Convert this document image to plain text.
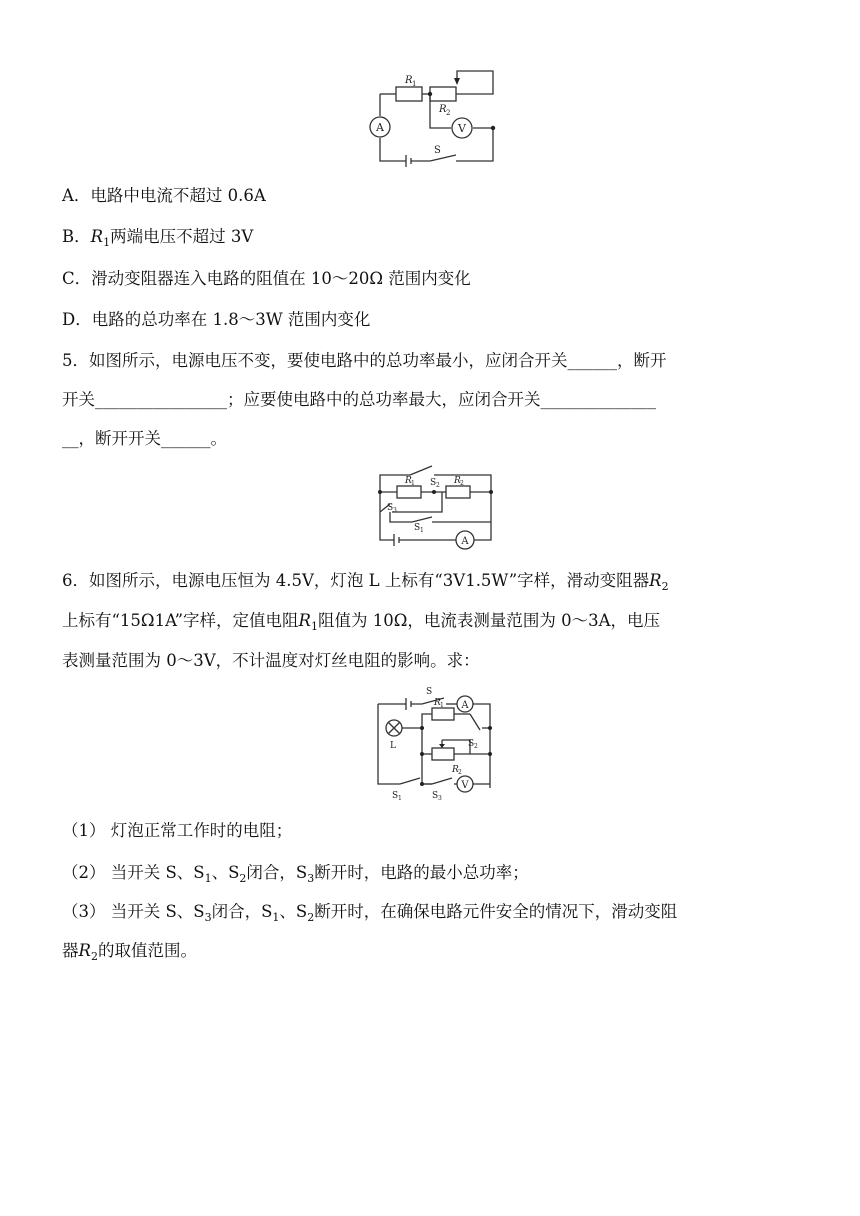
A	V
R 1
R 2
S
A．电路中电流不超过 0.6A
B．$R_1$两端电压不超过 3V
C．滑动变阻器连入电路的阻值在 10～20Ω 范围内变化
D．电路的总功率在 1.8～3W 范围内变化
5．如图所示，电源电压不变，要使电路中的总功率最小，应闭合开关______，断开
开关________________；应要使电路中的总功率最大，应闭合开关______________
__，断开开关______。
A
R 1	R 2
S 2
S 3
S 1
6．如图所示，电源电压恒为 4.5V，灯泡 L 上标有“3V1.5W”字样，滑动变阻器$R_2$
上标有“15Ω1A”字样，定值电阻$R_1$阻值为 10Ω，电流表测量范围为 0～3A，电压
表测量范围为 0～3V，不计温度对灯丝电阻的影响。求：
A
V
S
R 1
R 2
L	S 2
S 1	S 3
（1） 灯泡正常工作时的电阻；
（2） 当开关 S、$S_1$、$S_2$闭合，$S_3$断开时，电路的最小总功率；
（3） 当开关 S、$S_3$闭合，$S_1$、$S_2$断开时，在确保电路元件安全的情况下，滑动变阻
器$R_2$的取值范围。
